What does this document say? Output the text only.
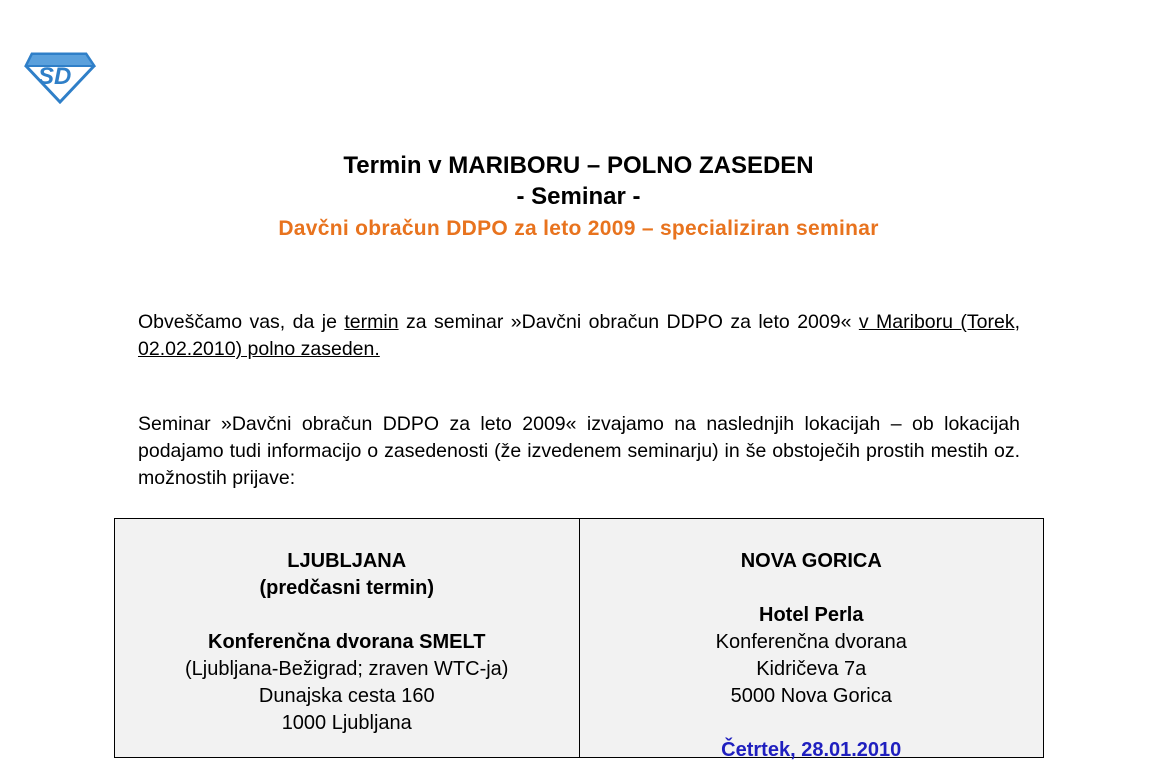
SD
Termin v MARIBORU – POLNO ZASEDEN
- Seminar -
Davčni obračun DDPO za leto 2009 – specializiran seminar
Obveščamo vas, da je termin za seminar »Davčni obračun DDPO za leto 2009« v Mariboru (Torek, 02.02.2010) polno zaseden.
Seminar »Davčni obračun DDPO za leto 2009« izvajamo na naslednjih lokacijah – ob lokacijah podajamo tudi informacijo o zasedenosti (že izvedenem seminarju) in še obstoječih prostih mestih oz. možnostih prijave:
LJUBLJANA
(predčasni termin)
Konferenčna dvorana SMELT
(Ljubljana-Bežigrad; zraven WTC-ja)
Dunajska cesta 160
1000 Ljubljana
NOVA GORICA
Hotel Perla
Konferenčna dvorana
Kidričeva 7a
5000 Nova Gorica
Četrtek, 28.01.2010
